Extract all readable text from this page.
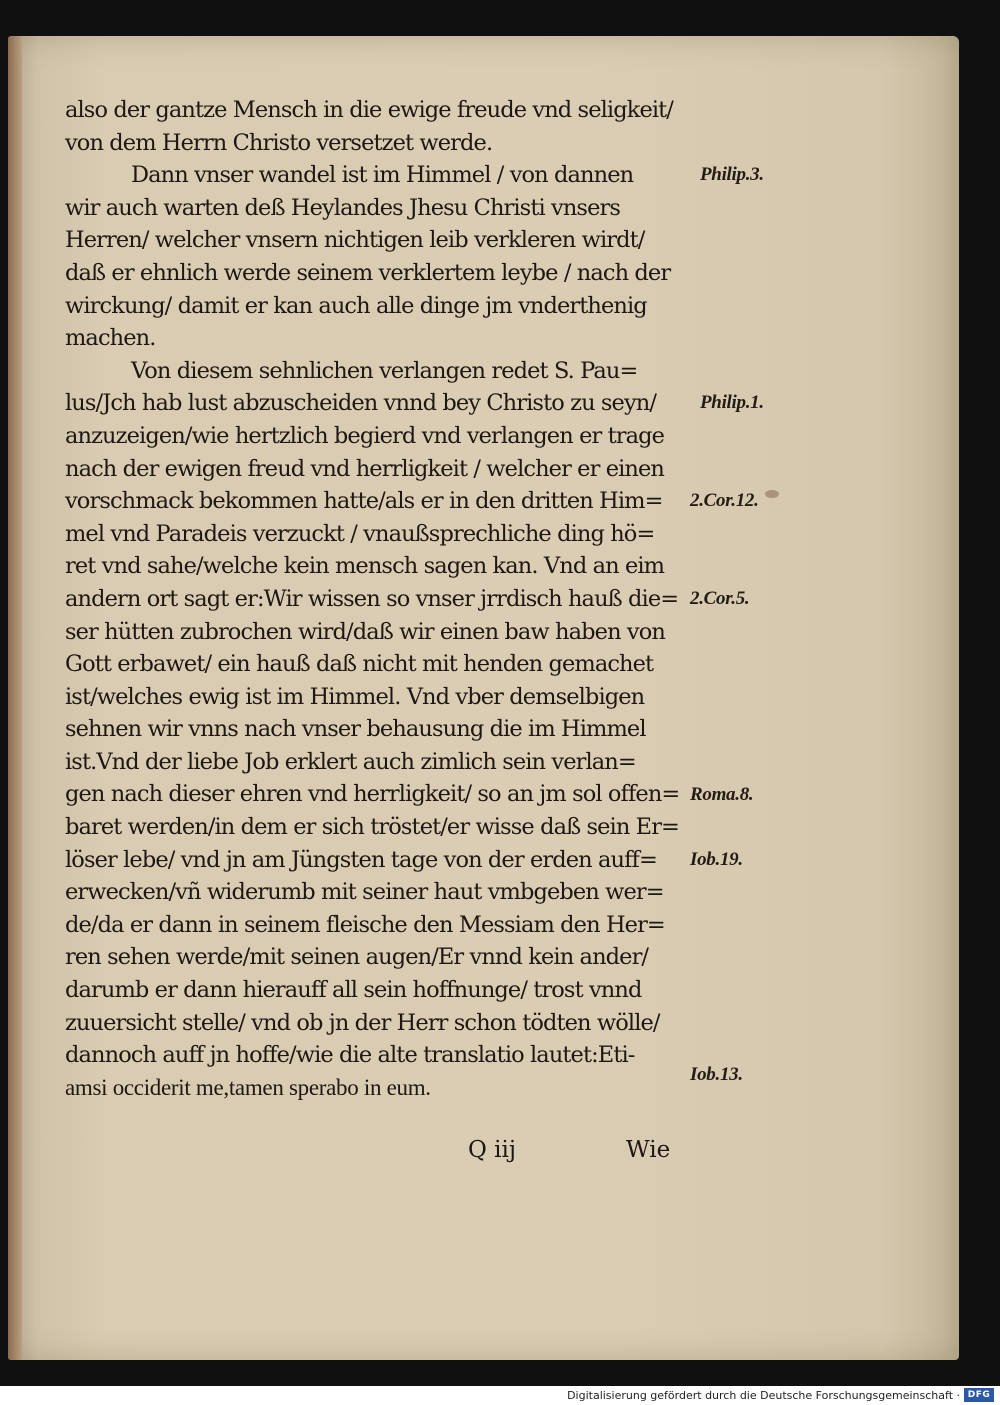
also der gantze Mensch in die ewige freude vnd seligkeit/
von dem Herrn Christo versetzet werde.
Dann vnser wandel ist im Himmel / von dannen
wir auch warten deß Heylandes Jhesu Christi vnsers
Herren/ welcher vnsern nichtigen leib verkleren wirdt/
daß er ehnlich werde seinem verklertem leybe / nach der
wirckung/ damit er kan auch alle dinge jm vnderthenig
machen.
Von diesem sehnlichen verlangen redet S. Pau=
lus/Jch hab lust abzuscheiden vnnd bey Christo zu seyn/
anzuzeigen/wie hertzlich begierd vnd verlangen er trage
nach der ewigen freud vnd herrligkeit / welcher er einen
vorschmack bekommen hatte/als er in den dritten Him=
mel vnd Paradeis verzuckt / vnaußsprechliche ding hö=
ret vnd sahe/welche kein mensch sagen kan. Vnd an eim
andern ort sagt er:Wir wissen so vnser jrrdisch hauß die=
ser hütten zubrochen wird/daß wir einen baw haben von
Gott erbawet/ ein hauß daß nicht mit henden gemachet
ist/welches ewig ist im Himmel. Vnd vber demselbigen
sehnen wir vnns nach vnser behausung die im Himmel
ist.Vnd der liebe Job erklert auch zimlich sein verlan=
gen nach dieser ehren vnd herrligkeit/ so an jm sol offen=
baret werden/in dem er sich tröstet/er wisse daß sein Er=
löser lebe/ vnd jn am Jüngsten tage von der erden auff=
erwecken/vñ widerumb mit seiner haut vmbgeben wer=
de/da er dann in seinem fleische den Messiam den Her=
ren sehen werde/mit seinen augen/Er vnnd kein ander/
darumb er dann hierauff all sein hoffnunge/ trost vnnd
zuuersicht stelle/ vnd ob jn der Herr schon tödten wölle/
dannoch auff jn hoffe/wie die alte translatio lautet:Eti-
amsi occiderit me,tamen sperabo in eum.
Philip.3.
Philip.1.
2.Cor.12.
2.Cor.5.
Roma.8.
Iob.19.
Iob.13.
Q iij	Wie
Digitalisierung gefördert durch die Deutsche Forschungsgemeinschaft · DFG
